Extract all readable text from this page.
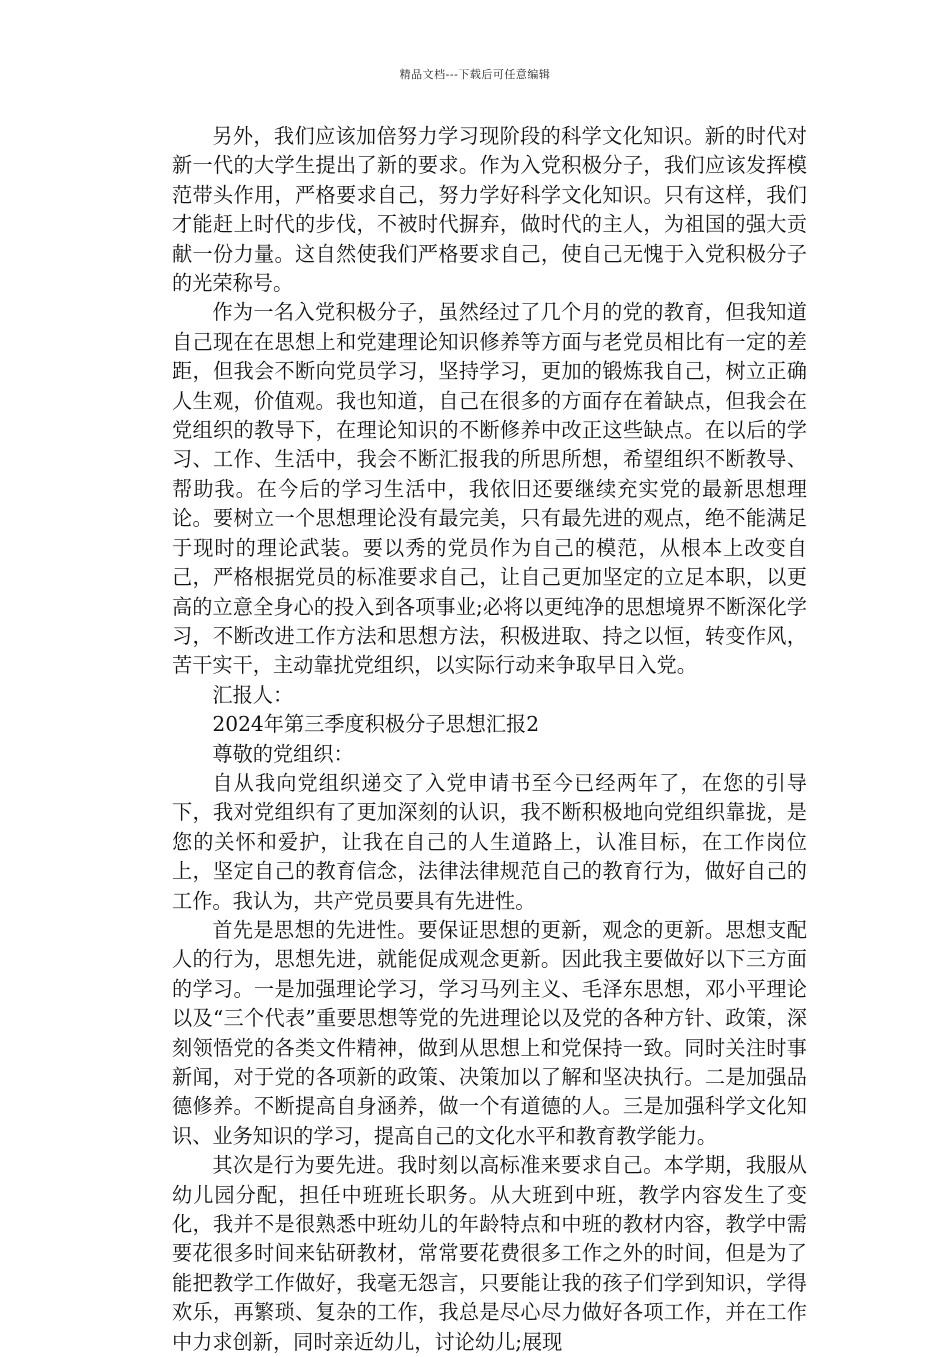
精品文档---下载后可任意编辑

另外，我们应该加倍努力学习现阶段的科学文化知识。新的时代对新一代的大学生提出了新的要求。作为入党积极分子，我们应该发挥模范带头作用，严格要求自己，努力学好科学文化知识。只有这样，我们才能赶上时代的步伐，不被时代摒弃，做时代的主人，为祖国的强大贡献一份力量。这自然使我们严格要求自己，使自己无愧于入党积极分子的光荣称号。

作为一名入党积极分子，虽然经过了几个月的党的教育，但我知道自己现在在思想上和党建理论知识修养等方面与老党员相比有一定的差距，但我会不断向党员学习，坚持学习，更加的锻炼我自己，树立正确人生观，价值观。我也知道，自己在很多的方面存在着缺点，但我会在党组织的教导下，在理论知识的不断修养中改正这些缺点。在以后的学习、工作、生活中，我会不断汇报我的所思所想，希望组织不断教导、帮助我。在今后的学习生活中，我依旧还要继续充实党的最新思想理论。要树立一个思想理论没有最完美，只有最先进的观点，绝不能满足于现时的理论武装。要以秀的党员作为自己的模范，从根本上改变自己，严格根据党员的标准要求自己，让自己更加坚定的立足本职，以更高的立意全身心的投入到各项事业;必将以更纯净的思想境界不断深化学习，不断改进工作方法和思想方法，积极进取、持之以恒，转变作风，苦干实干，主动靠扰党组织，以实际行动来争取早日入党。

汇报人：

2024年第三季度积极分子思想汇报2

尊敬的党组织：

自从我向党组织递交了入党申请书至今已经两年了，在您的引导下，我对党组织有了更加深刻的认识，我不断积极地向党组织靠拢，是您的关怀和爱护，让我在自己的人生道路上，认准目标，在工作岗位上，坚定自己的教育信念，法律法律规范自己的教育行为，做好自己的工作。我认为，共产党员要具有先进性。

首先是思想的先进性。要保证思想的更新，观念的更新。思想支配人的行为，思想先进，就能促成观念更新。因此我主要做好以下三方面的学习。一是加强理论学习，学习马列主义、毛泽东思想，邓小平理论以及“三个代表”重要思想等党的先进理论以及党的各种方针、政策，深刻领悟党的各类文件精神，做到从思想上和党保持一致。同时关注时事新闻，对于党的各项新的政策、决策加以了解和坚决执行。二是加强品德修养。不断提高自身涵养，做一个有道德的人。三是加强科学文化知识、业务知识的学习，提高自己的文化水平和教育教学能力。

其次是行为要先进。我时刻以高标准来要求自己。本学期，我服从幼儿园分配，担任中班班长职务。从大班到中班，教学内容发生了变化，我并不是很熟悉中班幼儿的年龄特点和中班的教材内容，教学中需要花很多时间来钻研教材，常常要花费很多工作之外的时间，但是为了能把教学工作做好，我毫无怨言，只要能让我的孩子们学到知识，学得欢乐，再繁琐、复杂的工作，我总是尽心尽力做好各项工作，并在工作中力求创新，同时亲近幼儿，讨论幼儿;展现
